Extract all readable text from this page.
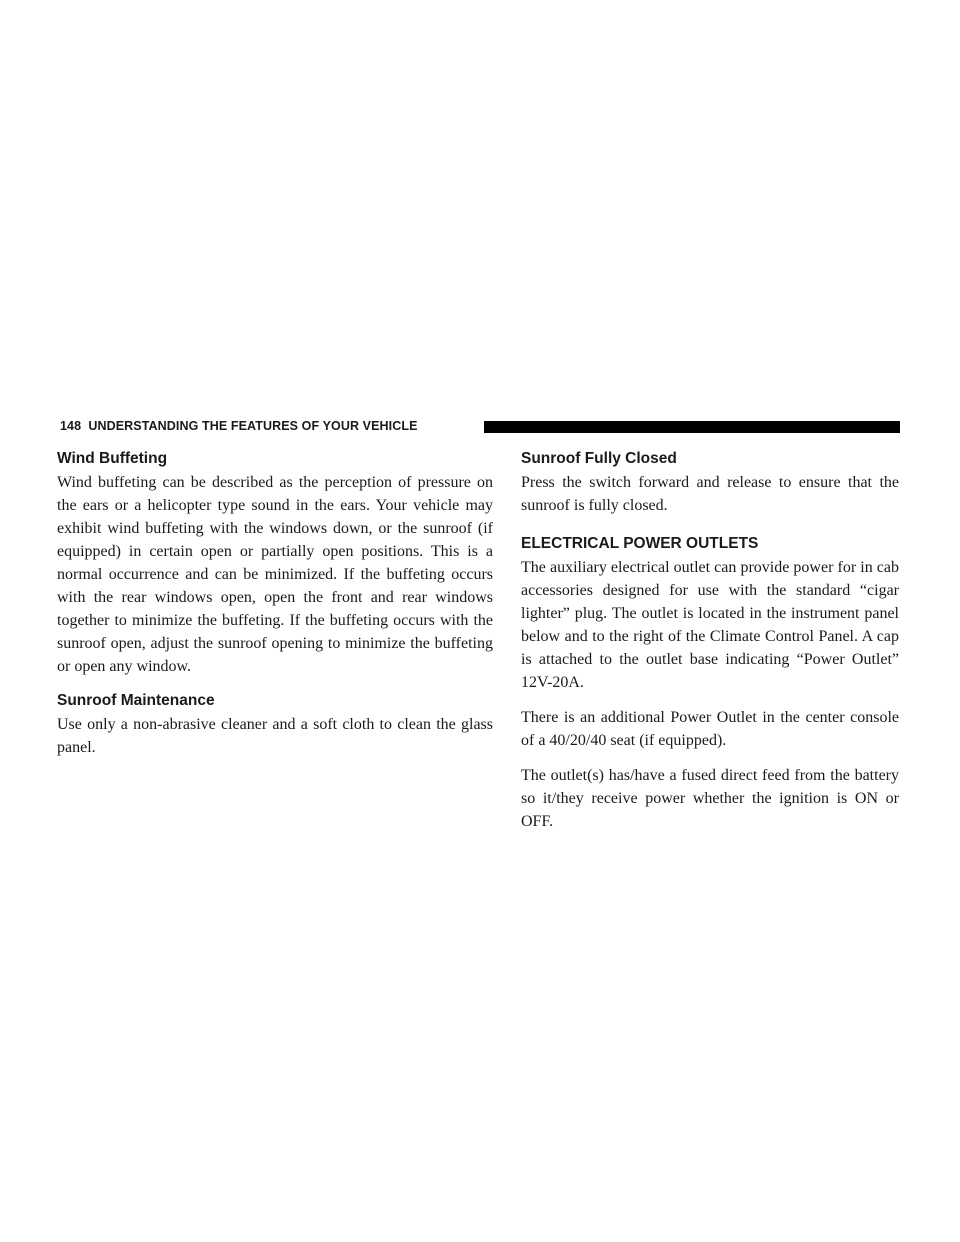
148 UNDERSTANDING THE FEATURES OF YOUR VEHICLE
Wind Buffeting

Wind buffeting can be described as the perception of pressure on the ears or a helicopter type sound in the ears. Your vehicle may exhibit wind buffeting with the windows down, or the sunroof (if equipped) in certain open or partially open positions. This is a normal occurrence and can be minimized. If the buffeting occurs with the rear windows open, open the front and rear windows together to minimize the buffeting. If the buffeting occurs with the sunroof open, adjust the sunroof opening to minimize the buffeting or open any window.

Sunroof Maintenance

Use only a non-abrasive cleaner and a soft cloth to clean the glass panel.

Sunroof Fully Closed

Press the switch forward and release to ensure that the sunroof is fully closed.

ELECTRICAL POWER OUTLETS

The auxiliary electrical outlet can provide power for in cab accessories designed for use with the standard “cigar lighter” plug. The outlet is located in the instrument panel below and to the right of the Climate Control Panel. A cap is attached to the outlet base indicating “Power Outlet” 12V-20A.

There is an additional Power Outlet in the center console of a 40/20/40 seat (if equipped).

The outlet(s) has/have a fused direct feed from the battery so it/they receive power whether the ignition is ON or OFF.
